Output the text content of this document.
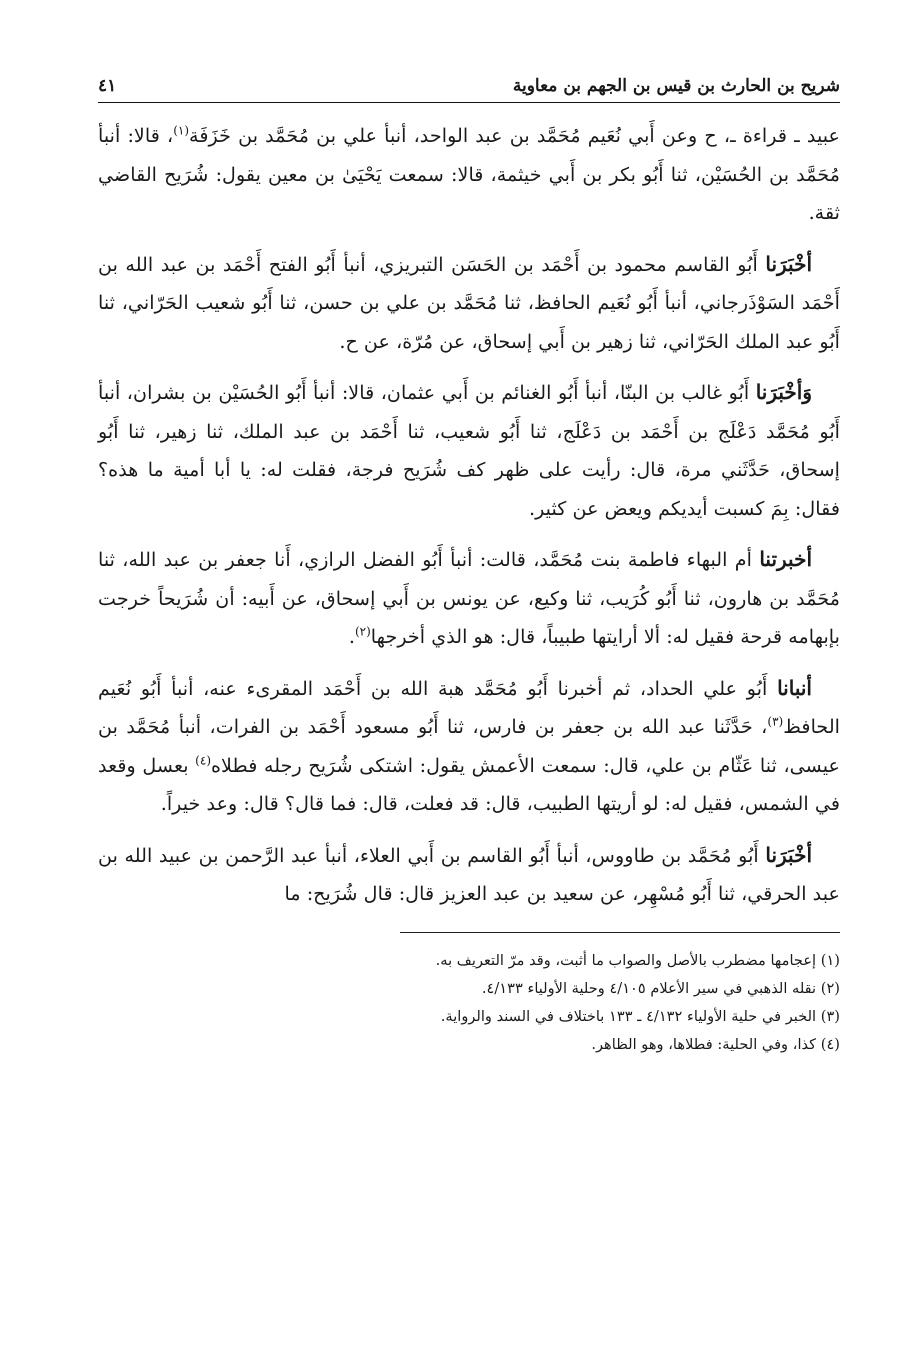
شريح بن الحارث بن قيس بن الجهم بن معاوية
٤١

عبيد ـ قراءة ـ، ح وعن أَبي نُعَيم مُحَمَّد بن عبد الواحد، أنبأ علي بن مُحَمَّد بن خَزَفَة$^{(١)}$، قالا: أنبأ مُحَمَّد بن الحُسَيْن، ثنا أَبُو بكر بن أَبي خيثمة، قالا: سمعت يَحْيَىٰ بن معين يقول: شُرَيح القاضي ثقة.

أخْبَرَنا أَبُو القاسم محمود بن أَحْمَد بن الحَسَن التبريزي، أنبأ أَبُو الفتح أَحْمَد بن عبد الله بن أَحْمَد السَوْذَرجاني، أنبأ أَبُو نُعَيم الحافظ، ثنا مُحَمَّد بن علي بن حسن، ثنا أَبُو شعيب الحَرّاني، ثنا أَبُو عبد الملك الحَرّاني، ثنا زهير بن أَبي إسحاق، عن مُرّة، عن ح.

وَأخْبَرَنا أَبُو غالب بن البنّا، أنبأ أَبُو الغنائم بن أَبي عثمان، قالا: أنبأ أَبُو الحُسَيْن بن بشران، أنبأ أَبُو مُحَمَّد دَعْلَج بن أَحْمَد بن دَعْلَج، ثنا أَبُو شعيب، ثنا أَحْمَد بن عبد الملك، ثنا زهير، ثنا أَبُو إسحاق، حَدَّثَني مرة، قال: رأيت على ظهر كف شُرَيح فرجة، فقلت له: يا أبا أمية ما هذه؟ فقال: بِمَ كسبت أيديكم ويعض عن كثير.

أخبرتنا أم البهاء فاطمة بنت مُحَمَّد، قالت: أنبأ أَبُو الفضل الرازي، أَنا جعفر بن عبد الله، ثنا مُحَمَّد بن هارون، ثنا أَبُو كُرَيب، ثنا وكيع، عن يونس بن أَبي إسحاق، عن أَبيه: أن شُرَيحاً خرجت بإبهامه قرحة فقيل له: ألا أرايتها طبيباً، قال: هو الذي أخرجها$^{(٢)}$.

أنبانا أَبُو علي الحداد، ثم أخبرنا أَبُو مُحَمَّد هبة الله بن أَحْمَد المقرىء عنه، أنبأ أَبُو نُعَيم الحافظ$^{(٣)}$، حَدَّثَنا عبد الله بن جعفر بن فارس، ثنا أَبُو مسعود أَحْمَد بن الفرات، أنبأ مُحَمَّد بن عيسى، ثنا عَثّام بن علي، قال: سمعت الأعمش يقول: اشتكى شُرَيح رجله فطلاه$^{(٤)}$ بعسل وقعد في الشمس، فقيل له: لو أريتها الطبيب، قال: قد فعلت، قال: فما قال؟ قال: وعد خيراً.

أخْبَرَنا أَبُو مُحَمَّد بن طاووس، أنبأ أَبُو القاسم بن أَبي العلاء، أنبأ عبد الرَّحمن بن عبيد الله بن عبد الحرقي، ثنا أَبُو مُسْهِر، عن سعيد بن عبد العزيز قال: قال شُرَيح: ما

(١) إعجامها مضطرب بالأصل والصواب ما أثبت، وقد مرّ التعريف به.
(٢) نقله الذهبي في سير الأعلام ٤/١٠٥ وحلية الأولياء ٤/١٣٣.
(٣) الخبر في حلية الأولياء ٤/١٣٢ ـ ١٣٣ باختلاف في السند والرواية.
(٤) كذا، وفي الحلية: فطلاها، وهو الظاهر.
